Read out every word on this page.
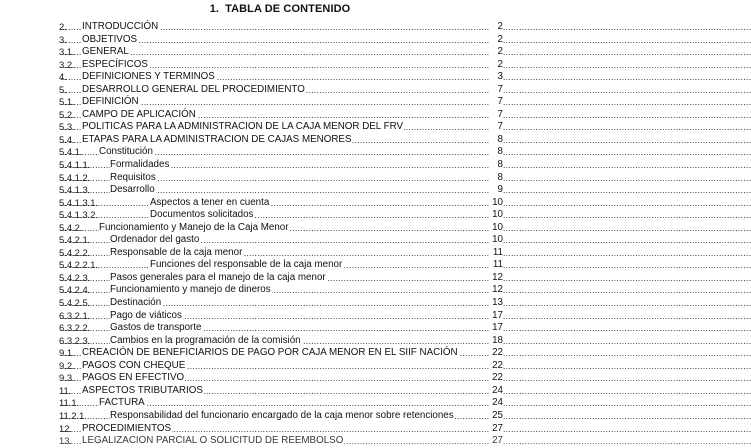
1. TABLA DE CONTENIDO
2. ..... INTRODUCCIÓN	2
3. ..... OBJETIVOS	2
3.1. ..... GENERAL	2
3.2. ..... ESPECÍFICOS	2
4. ..... DEFINICIONES Y TERMINOS	3
5. ..... DESARROLLO GENERAL DEL PROCEDIMIENTO	7
5.1. ..... DEFINICIÓN	7
5.2. ..... CAMPO DE APLICACIÓN	7
5.3. ..... POLITICAS PARA LA ADMINISTRACION DE LA CAJA MENOR DEL FRV	7
5.4. ..... ETAPAS PARA LA ADMINISTRACION DE CAJAS MENORES	8
5.4.1. ..... Constitución	8
5.4.1.1. ..... Formalidades	8
5.4.1.2. ..... Requisitos	8
5.4.1.3. ..... Desarrollo	9
5.4.1.3.1. .....	Aspectos a tener en cuenta	10
5.4.1.3.2. .....	Documentos solicitados	10
5.4.2. ..... Funcionamiento y Manejo de la Caja Menor	10
5.4.2.1. ..... Ordenador del gasto	10
5.4.2.2. ..... Responsable de la caja menor	11
5.4.2.2.1. .....	Funciones del responsable de la caja menor	11
5.4.2.3. ..... Pasos generales para el manejo de la caja menor	12
5.4.2.4. ..... Funcionamiento y manejo de dineros	12
5.4.2.5. ..... Destinación	13
6.3.2.1. ..... Pago de viáticos	17
6.3.2.2. ..... Gastos de transporte	17
6.3.2.3. ..... Cambios en la programación de la comisión	18
9.1. ..... CREACIÓN DE BENEFICIARIOS DE PAGO POR CAJA MENOR EN EL SIIF NACIÓN	22
9.2. ..... PAGOS CON CHEQUE	22
9.3. ..... PAGOS EN EFECTIVO	22
11. ..... ASPECTOS TRIBUTARIOS	24
11.1. ..... FACTURA	24
11.2.1. ..... Responsabilidad del funcionario encargado de la caja menor sobre retenciones	25
12. ..... PROCEDIMIENTOS	27
13. ..... LEGALIZACIÓN PARCIAL O SOLICITUD DE REEMBOLSO	27
